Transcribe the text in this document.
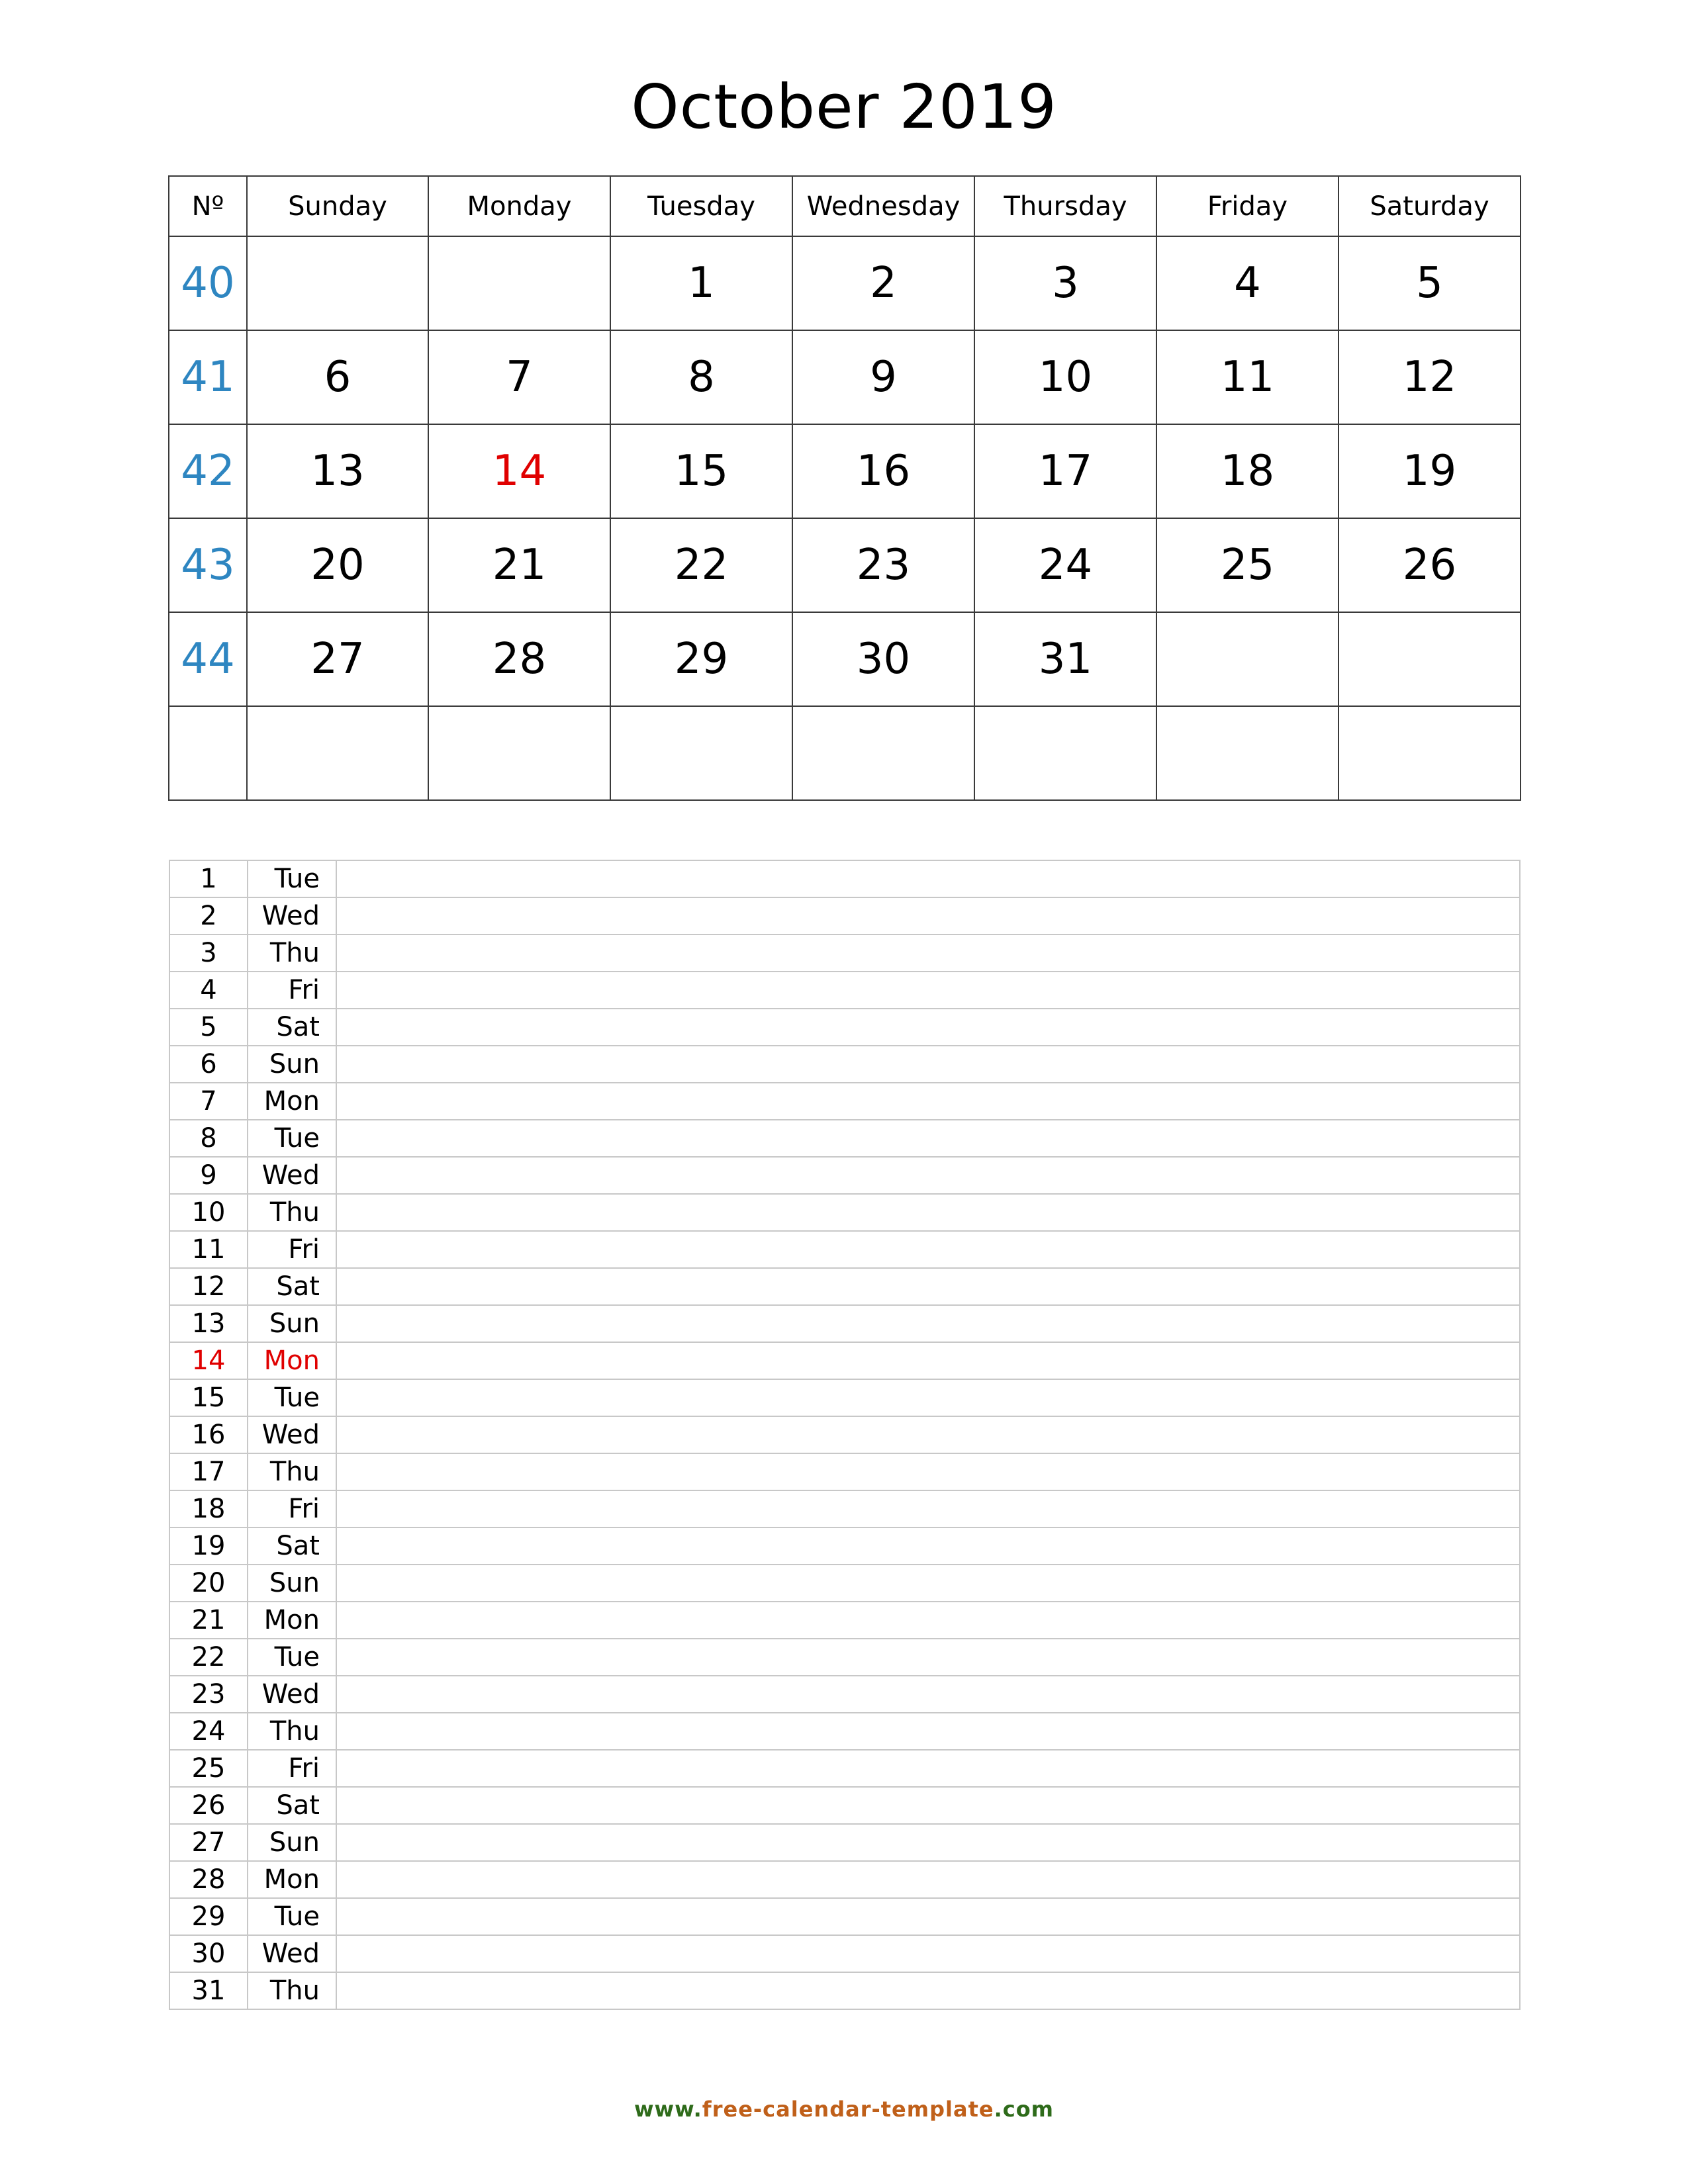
October 2019
Nº	Sunday	Monday	Tuesday	Wednesday	Thursday	Friday	Saturday
40			1	2	3	4	5
41	6	7	8	9	10	11	12
42	13	14	15	16	17	18	19
43	20	21	22	23	24	25	26
44	27	28	29	30	31		

1	Tue	
2	Wed	
3	Thu	
4	Fri	
5	Sat	
6	Sun	
7	Mon	
8	Tue	
9	Wed	
10	Thu	
11	Fri	
12	Sat	
13	Sun	
14	Mon	
15	Tue	
16	Wed	
17	Thu	
18	Fri	
19	Sat	
20	Sun	
21	Mon	
22	Tue	
23	Wed	
24	Thu	
25	Fri	
26	Sat	
27	Sun	
28	Mon	
29	Tue	
30	Wed	
31	Thu	
www.free-calendar-template.com
